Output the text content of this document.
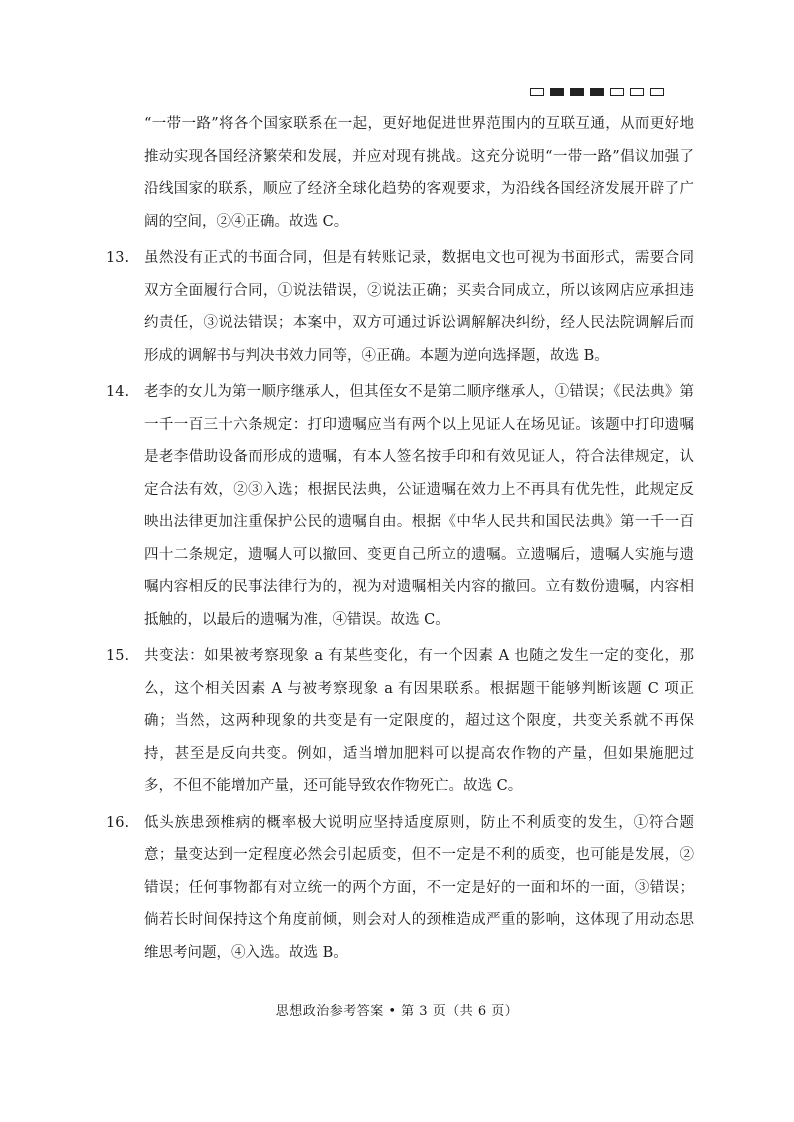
“一带一路”将各个国家联系在一起，更好地促进世界范围内的互联互通，从而更好地推动实现各国经济繁荣和发展，并应对现有挑战。这充分说明“一带一路”倡议加强了沿线国家的联系，顺应了经济全球化趋势的客观要求，为沿线各国经济发展开辟了广阔的空间，②④正确。故选 C。
13. 虽然没有正式的书面合同，但是有转账记录，数据电文也可视为书面形式，需要合同双方全面履行合同，①说法错误，②说法正确；买卖合同成立，所以该网店应承担违约责任，③说法错误；本案中，双方可通过诉讼调解解决纠纷，经人民法院调解后而形成的调解书与判决书效力同等，④正确。本题为逆向选择题，故选 B。
14. 老李的女儿为第一顺序继承人，但其侄女不是第二顺序继承人，①错误；《民法典》第一千一百三十六条规定：打印遗嘱应当有两个以上见证人在场见证。该题中打印遗嘱是老李借助设备而形成的遗嘱，有本人签名按手印和有效见证人，符合法律规定，认定合法有效，②③入选；根据民法典，公证遗嘱在效力上不再具有优先性，此规定反映出法律更加注重保护公民的遗嘱自由。根据《中华人民共和国民法典》第一千一百四十二条规定，遗嘱人可以撤回、变更自己所立的遗嘱。立遗嘱后，遗嘱人实施与遗嘱内容相反的民事法律行为的，视为对遗嘱相关内容的撤回。立有数份遗嘱，内容相抵触的，以最后的遗嘱为准，④错误。故选 C。
15. 共变法：如果被考察现象 a 有某些变化，有一个因素 A 也随之发生一定的变化，那么，这个相关因素 A 与被考察现象 a 有因果联系。根据题干能够判断该题 C 项正确；当然，这两种现象的共变是有一定限度的，超过这个限度，共变关系就不再保持，甚至是反向共变。例如，适当增加肥料可以提高农作物的产量，但如果施肥过多，不但不能增加产量，还可能导致农作物死亡。故选 C。
16. 低头族患颈椎病的概率极大说明应坚持适度原则，防止不利质变的发生，①符合题意；量变达到一定程度必然会引起质变，但不一定是不利的质变，也可能是发展，②错误；任何事物都有对立统一的两个方面，不一定是好的一面和坏的一面，③错误；倘若长时间保持这个角度前倾，则会对人的颈椎造成严重的影响，这体现了用动态思维思考问题，④入选。故选 B。
思想政治参考答案 • 第 3 页（共 6 页）
